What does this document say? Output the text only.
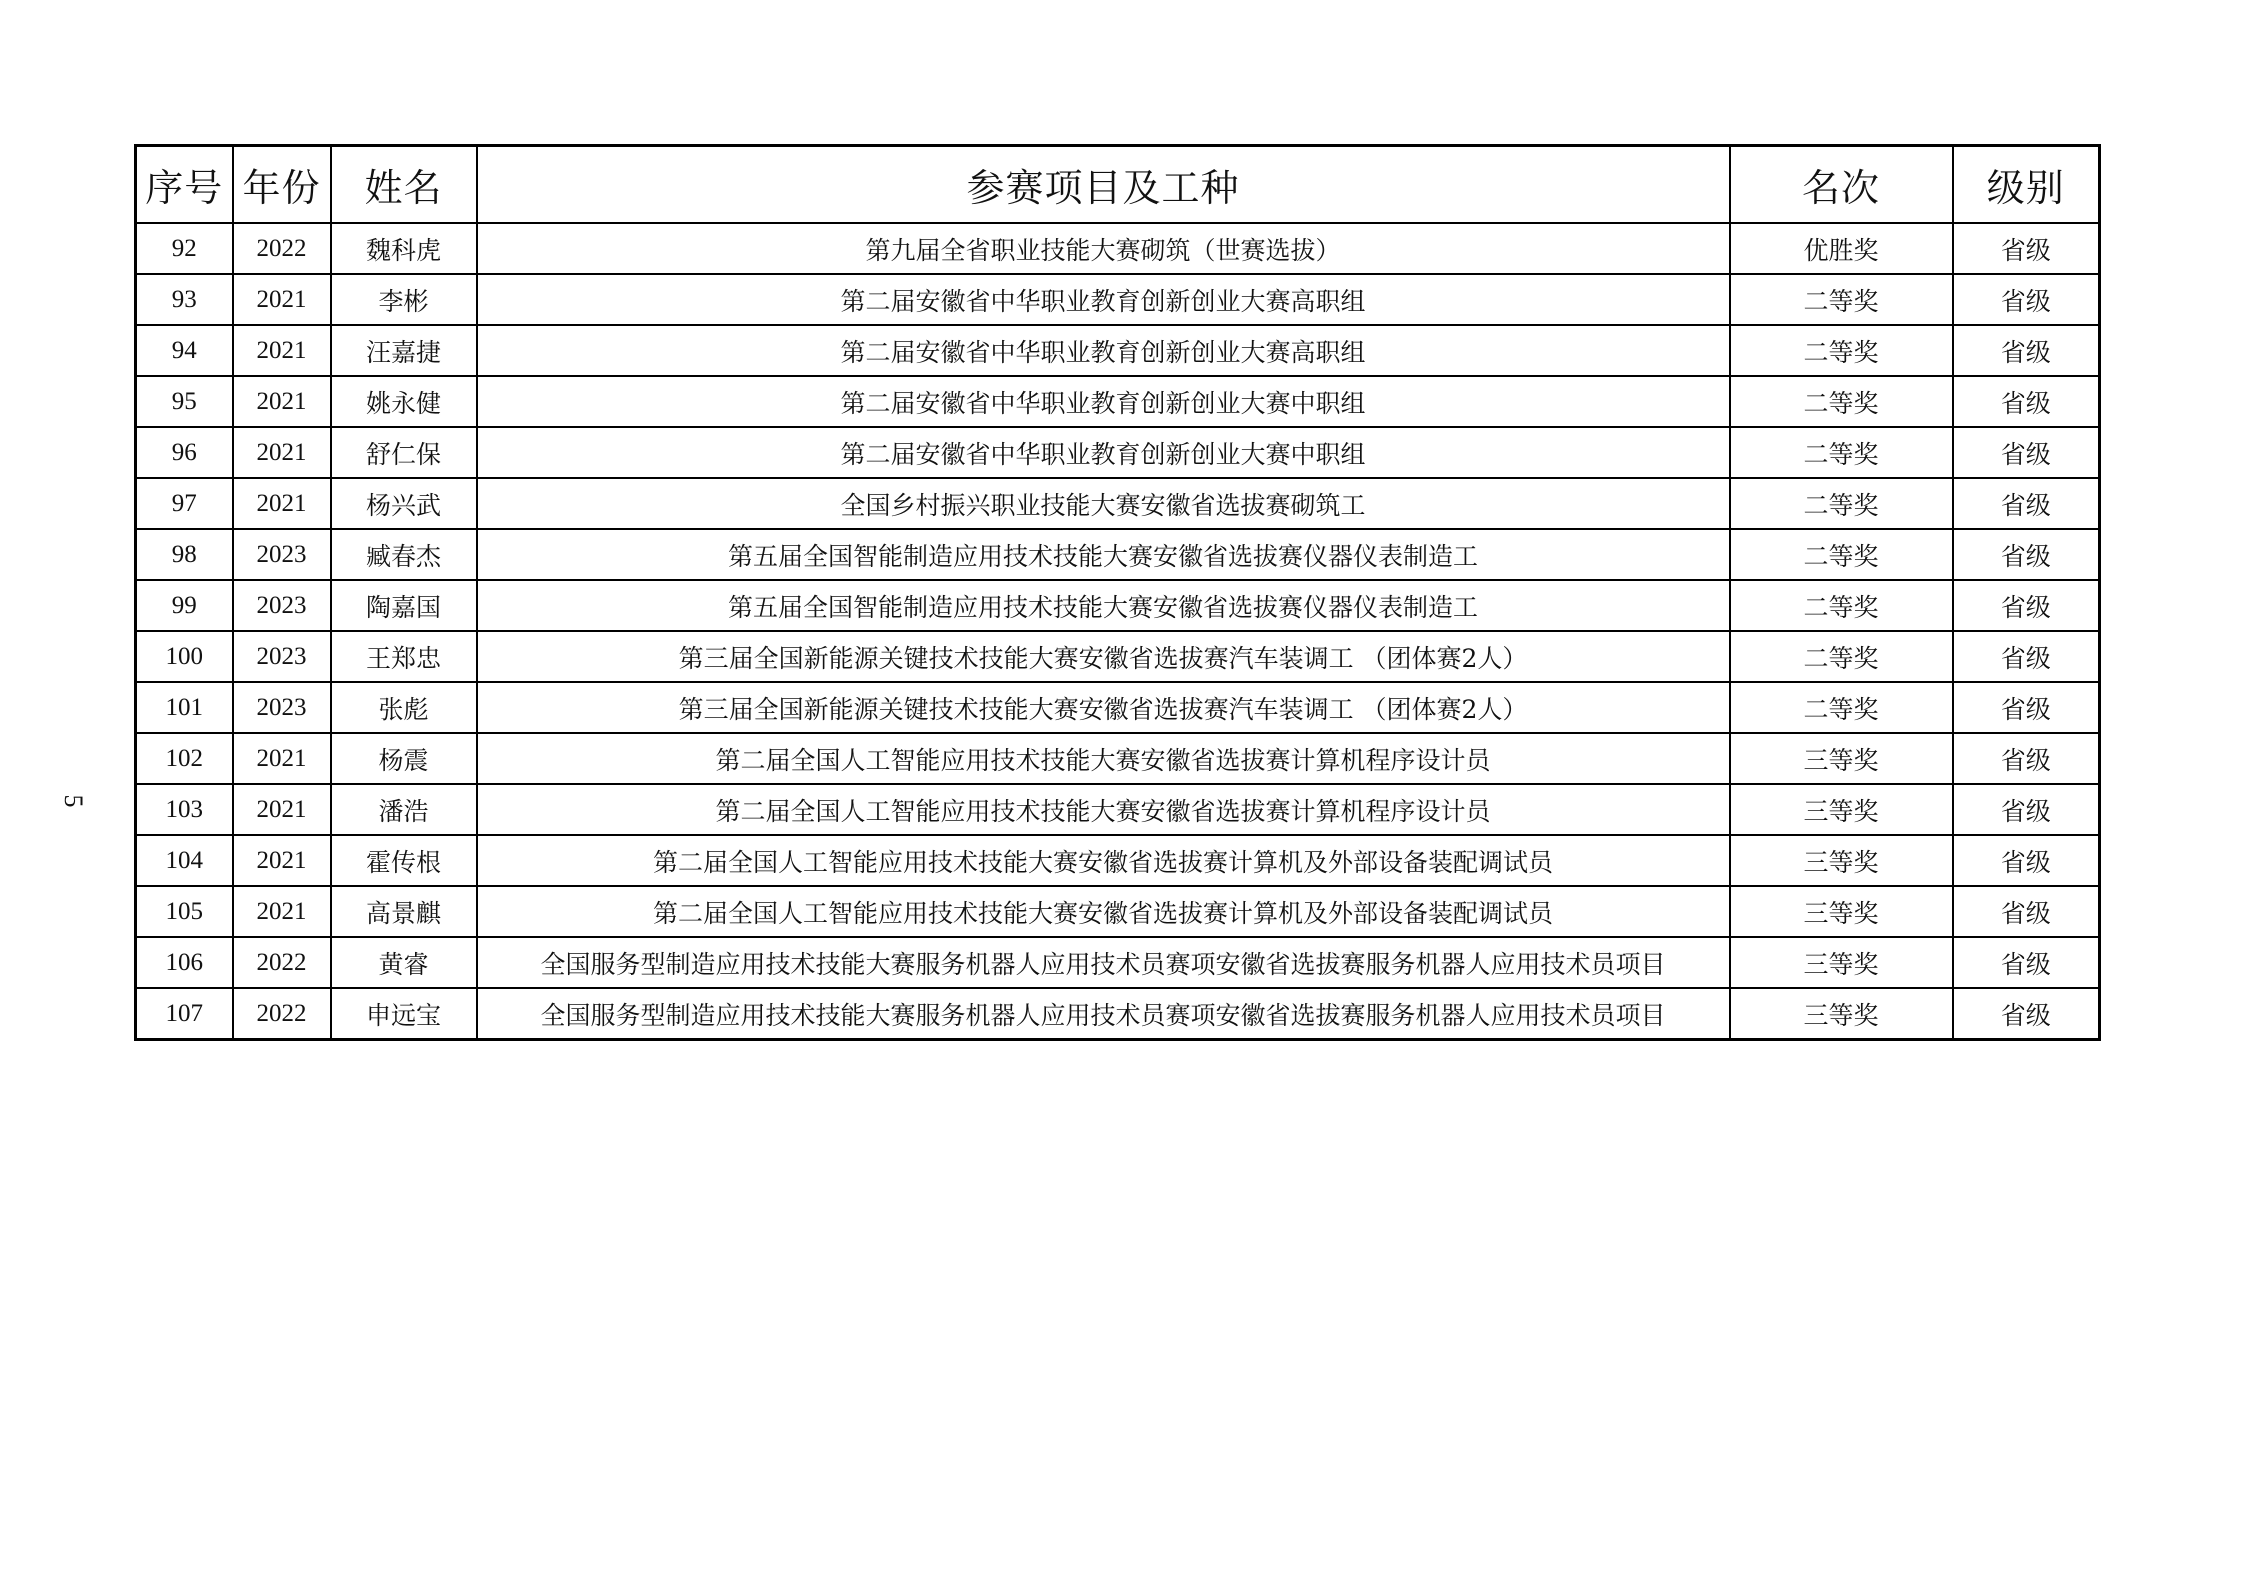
5
序号	年份	姓名	参赛项目及工种	名次	级别
92	2022	魏科虎	第九届全省职业技能大赛砌筑（世赛选拔）	优胜奖	省级
93	2021	李彬	第二届安徽省中华职业教育创新创业大赛高职组	二等奖	省级
94	2021	汪嘉捷	第二届安徽省中华职业教育创新创业大赛高职组	二等奖	省级
95	2021	姚永健	第二届安徽省中华职业教育创新创业大赛中职组	二等奖	省级
96	2021	舒仁保	第二届安徽省中华职业教育创新创业大赛中职组	二等奖	省级
97	2021	杨兴武	全国乡村振兴职业技能大赛安徽省选拔赛砌筑工	二等奖	省级
98	2023	臧春杰	第五届全国智能制造应用技术技能大赛安徽省选拔赛仪器仪表制造工	二等奖	省级
99	2023	陶嘉国	第五届全国智能制造应用技术技能大赛安徽省选拔赛仪器仪表制造工	二等奖	省级
100	2023	王郑忠	第三届全国新能源关键技术技能大赛安徽省选拔赛汽车装调工 （团体赛2人）	二等奖	省级
101	2023	张彪	第三届全国新能源关键技术技能大赛安徽省选拔赛汽车装调工 （团体赛2人）	二等奖	省级
102	2021	杨震	第二届全国人工智能应用技术技能大赛安徽省选拔赛计算机程序设计员	三等奖	省级
103	2021	潘浩	第二届全国人工智能应用技术技能大赛安徽省选拔赛计算机程序设计员	三等奖	省级
104	2021	霍传根	第二届全国人工智能应用技术技能大赛安徽省选拔赛计算机及外部设备装配调试员	三等奖	省级
105	2021	高景麒	第二届全国人工智能应用技术技能大赛安徽省选拔赛计算机及外部设备装配调试员	三等奖	省级
106	2022	黄睿	全国服务型制造应用技术技能大赛服务机器人应用技术员赛项安徽省选拔赛服务机器人应用技术员项目	三等奖	省级
107	2022	申远宝	全国服务型制造应用技术技能大赛服务机器人应用技术员赛项安徽省选拔赛服务机器人应用技术员项目	三等奖	省级
